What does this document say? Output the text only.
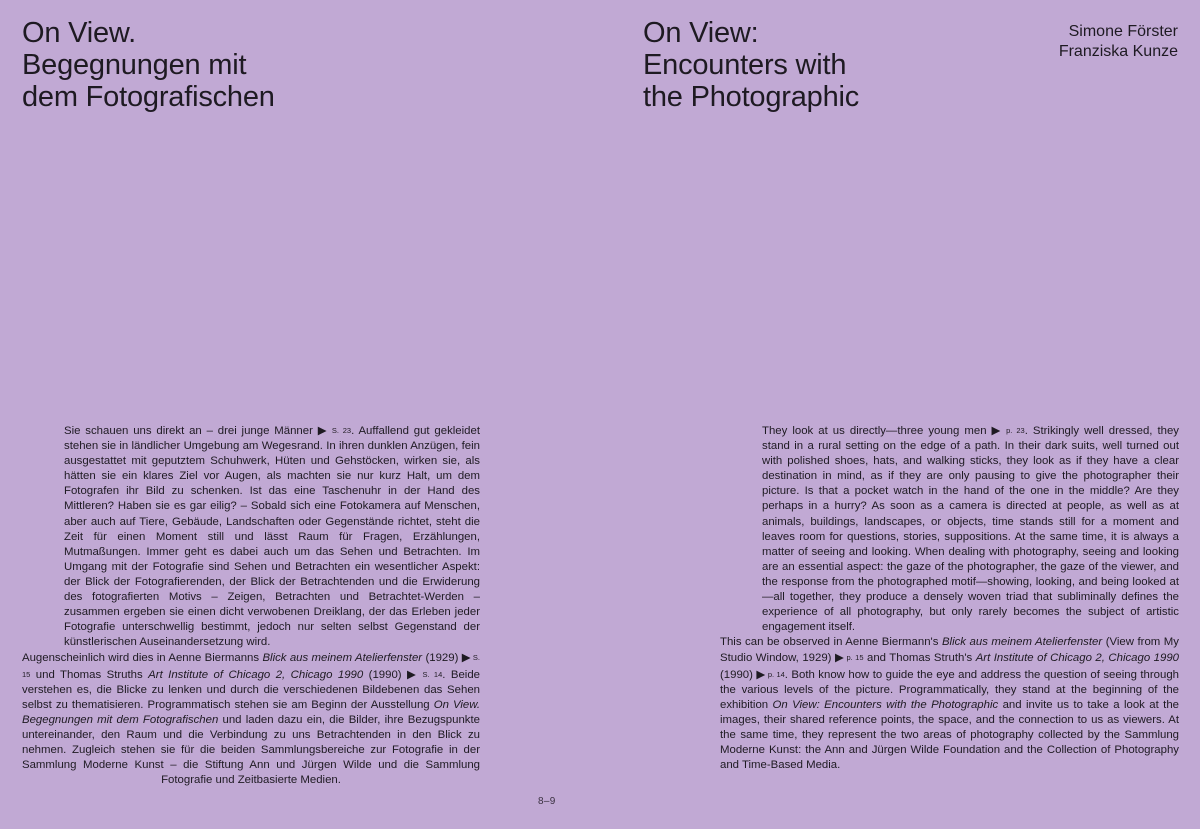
On View.
Begegnungen mit
dem Fotografischen

Sie schauen uns direkt an – drei junge Männer ▶ S. 23. Auffallend gut gekleidet stehen sie in ländlicher Umgebung am Wegesrand. In ihren dunklen Anzügen, fein ausgestattet mit geputztem Schuhwerk, Hüten und Gehstöcken, wirken sie, als hätten sie ein klares Ziel vor Augen, als machten sie nur kurz Halt, um dem Fotografen ihr Bild zu schenken. Ist das eine Taschenuhr in der Hand des Mittleren? Haben sie es gar eilig? – Sobald sich eine Fotokamera auf Menschen, aber auch auf Tiere, Gebäude, Landschaften oder Gegenstände richtet, steht die Zeit für einen Moment still und lässt Raum für Fragen, Erzählungen, Mutmaßungen. Immer geht es dabei auch um das Sehen und Betrachten. Im Umgang mit der Fotografie sind Sehen und Betrachten ein wesentlicher Aspekt: der Blick der Fotografierenden, der Blick der Betrachtenden und die Erwiderung des fotografierten Motivs – Zeigen, Betrachten und Betrachtet-Werden – zusammen ergeben sie einen dicht verwobenen Dreiklang, der das Erleben jeder Fotografie unterschwellig bestimmt, jedoch nur selten selbst Gegenstand der künstlerischen Auseinandersetzung wird.

Augenscheinlich wird dies in Aenne Biermanns Blick aus meinem Atelierfenster (1929) ▶ S. 15 und Thomas Struths Art Institute of Chicago 2, Chicago 1990 (1990) ▶ S. 14. Beide verstehen es, die Blicke zu lenken und durch die verschiedenen Bildebenen das Sehen selbst zu thematisieren. Programmatisch stehen sie am Beginn der Ausstellung On View. Begegnungen mit dem Fotografischen und laden dazu ein, die Bilder, ihre Bezugspunkte untereinander, den Raum und die Verbindung zu uns Betrachtenden in den Blick zu nehmen. Zugleich stehen sie für die beiden Sammlungsbereiche zur Fotografie in der Sammlung Moderne Kunst – die Stiftung Ann und Jürgen Wilde und die Sammlung Fotografie und Zeitbasierte Medien.

On View:
Encounters with
the Photographic
Simone Förster
Franziska Kunze

They look at us directly—three young men ▶ p. 23. Strikingly well dressed, they stand in a rural setting on the edge of a path. In their dark suits, well turned out with polished shoes, hats, and walking sticks, they look as if they have a clear destination in mind, as if they are only pausing to give the photographer their picture. Is that a pocket watch in the hand of the one in the middle? Are they perhaps in a hurry? As soon as a camera is directed at people, as well as at animals, buildings, landscapes, or objects, time stands still for a moment and leaves room for questions, stories, suppositions. At the same time, it is always a matter of seeing and looking. When dealing with photography, seeing and looking are an essential aspect: the gaze of the photographer, the gaze of the viewer, and the response from the photographed motif—showing, looking, and being looked at—all together, they produce a densely woven triad that subliminally defines the experience of all photography, but only rarely becomes the subject of artistic engagement itself.

This can be observed in Aenne Biermann's Blick aus meinem Atelierfenster (View from My Studio Window, 1929) ▶ p. 15 and Thomas Struth's Art Institute of Chicago 2, Chicago 1990 (1990) ▶ p. 14. Both know how to guide the eye and address the question of seeing through the various levels of the picture. Programmatically, they stand at the beginning of the exhibition On View: Encounters with the Photographic and invite us to take a look at the images, their shared reference points, the space, and the connection to us as viewers. At the same time, they represent the two areas of photography collected by the Sammlung Moderne Kunst: the Ann and Jürgen Wilde Foundation and the Collection of Photography and Time-Based Media.

8–9
